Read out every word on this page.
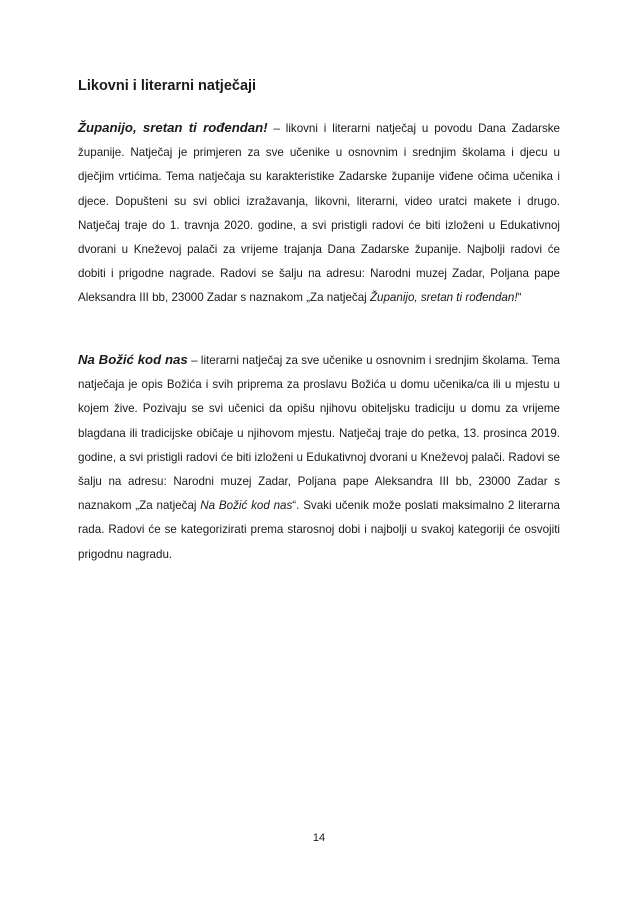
Likovni i literarni natječaji

Županijo, sretan ti rođendan! – likovni i literarni natječaj u povodu Dana Zadarske županije. Natječaj je primjeren za sve učenike u osnovnim i srednjim školama i djecu u dječjim vrtićima. Tema natječaja su karakteristike Zadarske županije viđene očima učenika i djece. Dopušteni su svi oblici izražavanja, likovni, literarni, video uratci makete i drugo. Natječaj traje do 1. travnja 2020. godine, a svi pristigli radovi će biti izloženi u Edukativnoj dvorani u Kneževoj palači za vrijeme trajanja Dana Zadarske županije. Najbolji radovi će dobiti i prigodne nagrade. Radovi se šalju na adresu: Narodni muzej Zadar, Poljana pape Aleksandra III bb, 23000 Zadar s naznakom „Za natječaj Županijo, sretan ti rođendan!“

Na Božić kod nas – literarni natječaj za sve učenike u osnovnim i srednjim školama. Tema natječaja je opis Božića i svih priprema za proslavu Božića u domu učenika/ca ili u mjestu u kojem žive. Pozivaju se svi učenici da opišu njihovu obiteljsku tradiciju u domu za vrijeme blagdana ili tradicijske običaje u njihovom mjestu. Natječaj traje do petka, 13. prosinca 2019. godine, a svi pristigli radovi će biti izloženi u Edukativnoj dvorani u Kneževoj palači. Radovi se šalju na adresu: Narodni muzej Zadar, Poljana pape Aleksandra III bb, 23000 Zadar s naznakom „Za natječaj Na Božić kod nas“. Svaki učenik može poslati maksimalno 2 literarna rada. Radovi će se kategorizirati prema starosnoj dobi i najbolji u svakoj kategoriji će osvojiti prigodnu nagradu.

14
